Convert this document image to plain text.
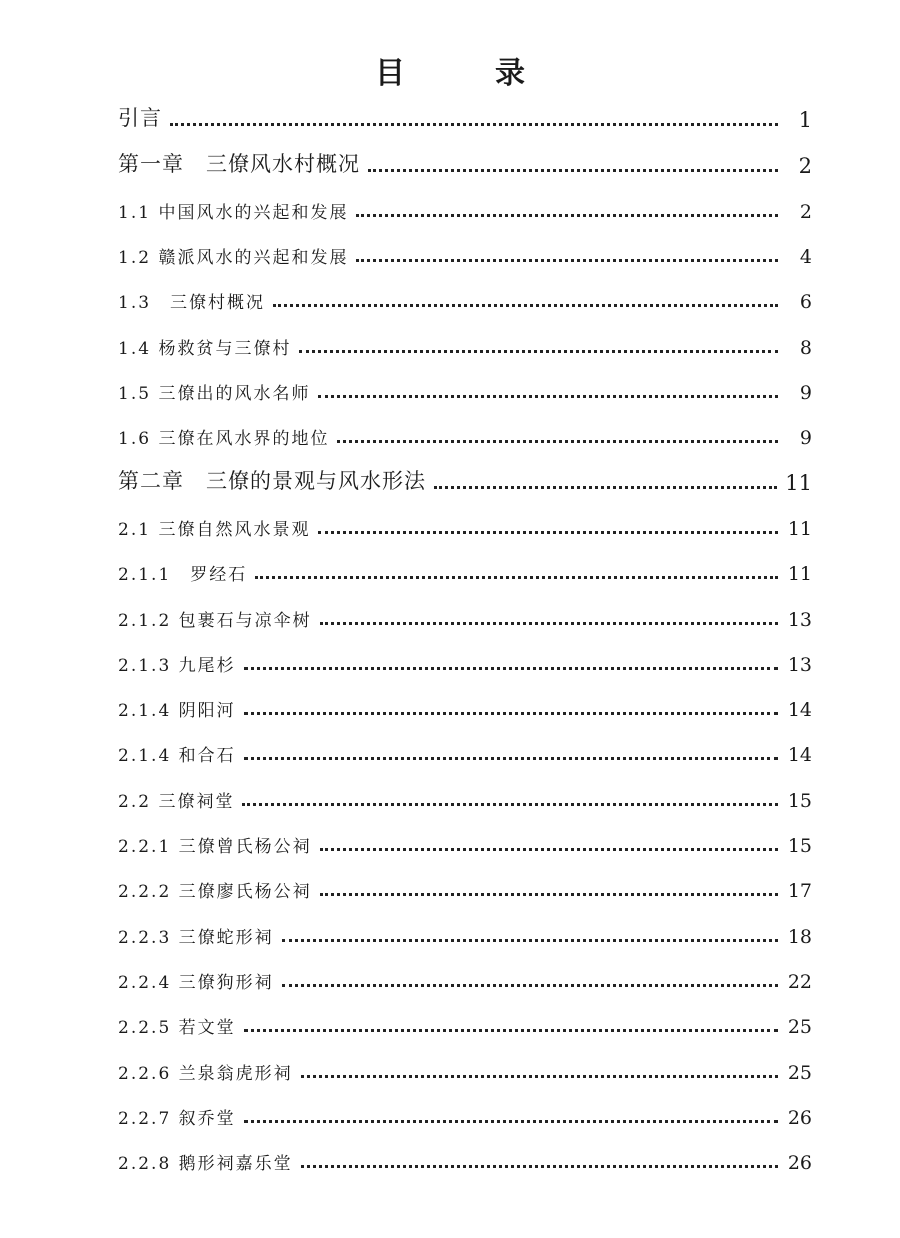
目　录
引言	1
第一章　三僚风水村概况	2
1.1 中国风水的兴起和发展	2
1.2 赣派风水的兴起和发展	4
1.3　三僚村概况	6
1.4 杨救贫与三僚村	8
1.5 三僚出的风水名师	9
1.6 三僚在风水界的地位	9
第二章　三僚的景观与风水形法	11
2.1 三僚自然风水景观	11
2.1.1　罗经石	11
2.1.2 包裹石与凉伞树	13
2.1.3 九尾杉	13
2.1.4 阴阳河	14
2.1.4 和合石	14
2.2 三僚祠堂	15
2.2.1 三僚曾氏杨公祠	15
2.2.2 三僚廖氏杨公祠	17
2.2.3 三僚蛇形祠	18
2.2.4 三僚狗形祠	22
2.2.5 若文堂	25
2.2.6 兰泉翁虎形祠	25
2.2.7 叙乔堂	26
2.2.8 鹅形祠嘉乐堂	26
